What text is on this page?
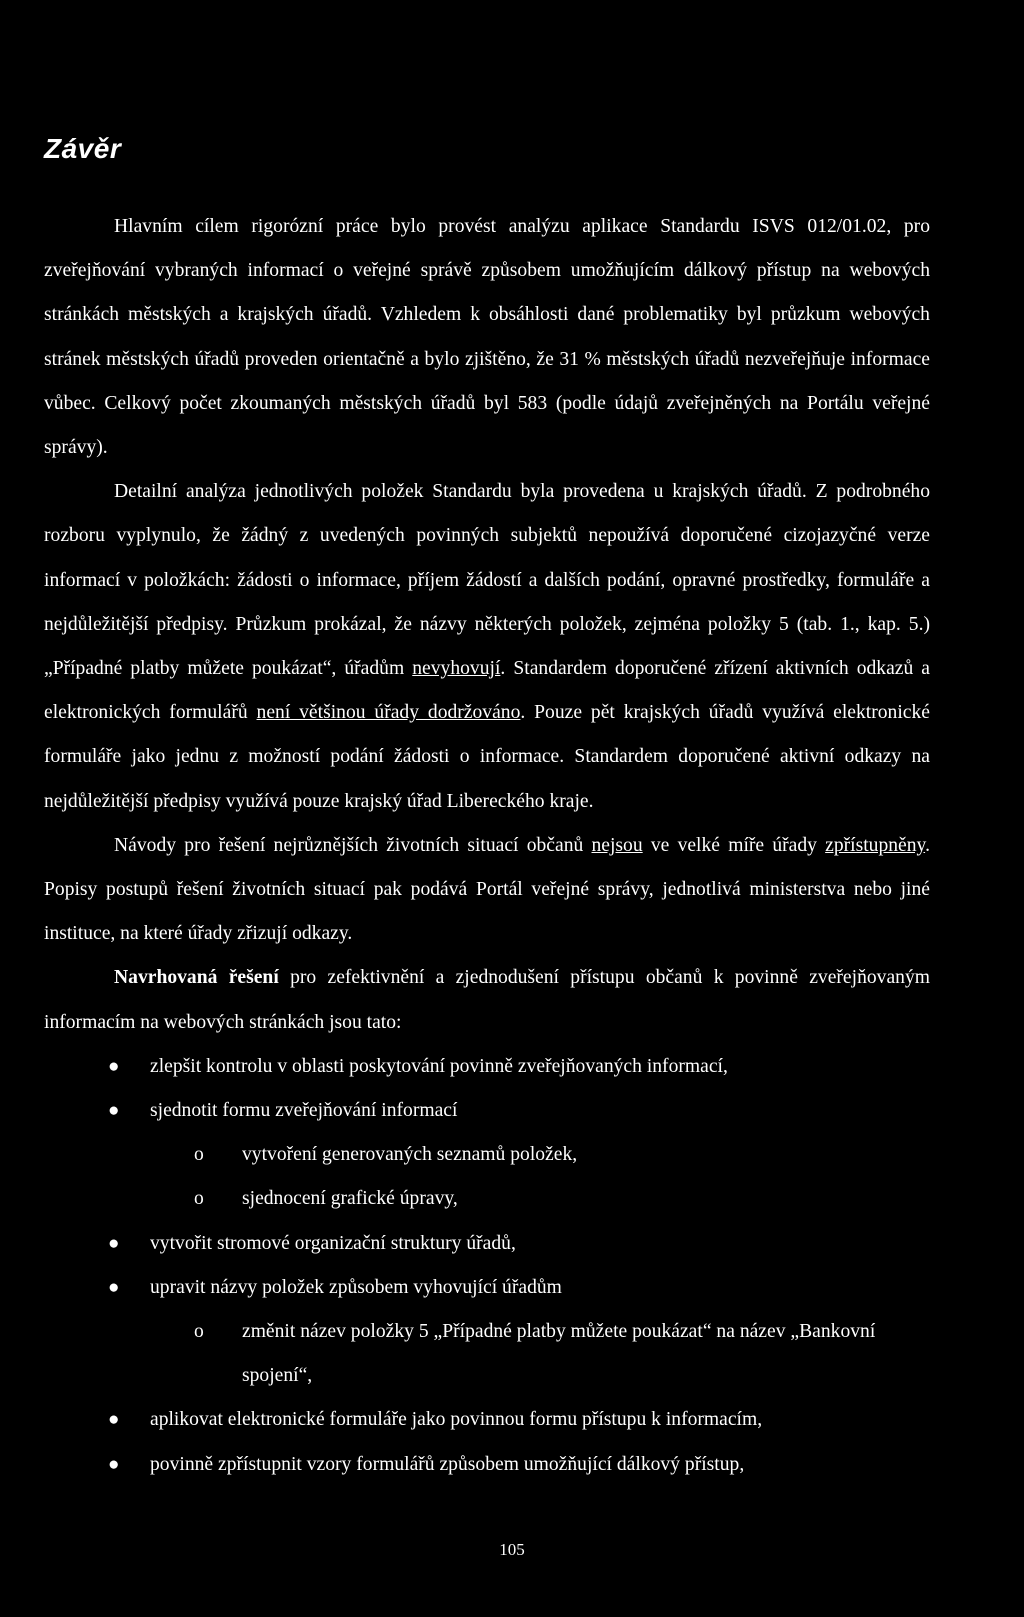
Závěr

Hlavním cílem rigorózní práce bylo provést analýzu aplikace Standardu ISVS 012/01.02, pro zveřejňování vybraných informací o veřejné správě způsobem umožňujícím dálkový přístup na webových stránkách městských a krajských úřadů. Vzhledem k obsáhlosti dané problematiky byl průzkum webových stránek městských úřadů proveden orientačně a bylo zjištěno, že 31 % městských úřadů nezveřejňuje informace vůbec. Celkový počet zkoumaných městských úřadů byl 583 (podle údajů zveřejněných na Portálu veřejné správy).

Detailní analýza jednotlivých položek Standardu byla provedena u krajských úřadů. Z podrobného rozboru vyplynulo, že žádný z uvedených povinných subjektů nepoužívá doporučené cizojazyčné verze informací v položkách: žádosti o informace, příjem žádostí a dalších podání, opravné prostředky, formuláře a nejdůležitější předpisy. Průzkum prokázal, že názvy některých položek, zejména položky 5 (tab. 1., kap. 5.) „Případné platby můžete poukázat“, úřadům nevyhovují. Standardem doporučené zřízení aktivních odkazů a elektronických formulářů není většinou úřady dodržováno. Pouze pět krajských úřadů využívá elektronické formuláře jako jednu z možností podání žádosti o informace. Standardem doporučené aktivní odkazy na nejdůležitější předpisy využívá pouze krajský úřad Libereckého kraje.

Návody pro řešení nejrůznějších životních situací občanů nejsou ve velké míře úřady zpřístupněny. Popisy postupů řešení životních situací pak podává Portál veřejné správy, jednotlivá ministerstva nebo jiné instituce, na které úřady zřizují odkazy.

Navrhovaná řešení pro zefektivnění a zjednodušení přístupu občanů k povinně zveřejňovaným informacím na webových stránkách jsou tato:

● zlepšit kontrolu v oblasti poskytování povinně zveřejňovaných informací,
● sjednotit formu zveřejňování informací
o vytvoření generovaných seznamů položek,
o sjednocení grafické úpravy,
● vytvořit stromové organizační struktury úřadů,
● upravit názvy položek způsobem vyhovující úřadům
o změnit název položky 5 „Případné platby můžete poukázat“ na název „Bankovní spojení“,
● aplikovat elektronické formuláře jako povinnou formu přístupu k informacím,
● povinně zpřístupnit vzory formulářů způsobem umožňující dálkový přístup,
105
